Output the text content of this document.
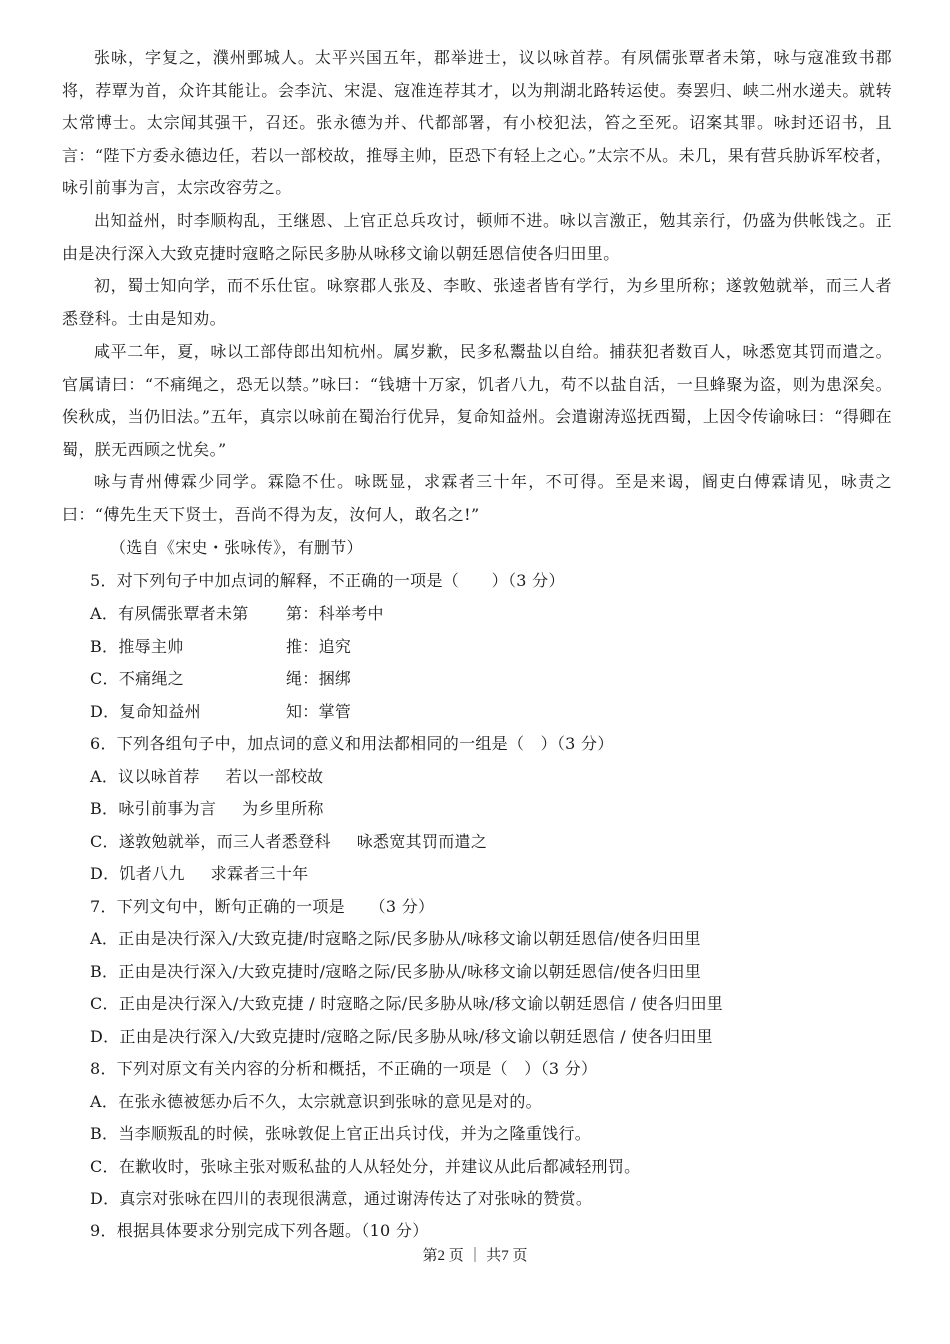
张咏，字复之，濮州鄄城人。太平兴国五年，郡举进士，议以咏首荐。有夙儒张覃者未第，咏与寇准致书郡将，荐覃为首，众许其能让。会李沆、宋湜、寇准连荐其才，以为荆湖北路转运使。奏罢归、峡二州水递夫。就转太常博士。太宗闻其强干，召还。张永德为并、代都部署，有小校犯法，笞之至死。诏案其罪。咏封还诏书，且言：“陛下方委永德边任，若以一部校故，推辱主帅，臣恐下有轻上之心。”太宗不从。未几，果有营兵胁诉军校者，咏引前事为言，太宗改容劳之。
出知益州，时李顺构乱，王继恩、上官正总兵攻讨，顿师不进。咏以言激正，勉其亲行，仍盛为供帐饯之。正由是决行深入大致克捷时寇略之际民多胁从咏移文谕以朝廷恩信使各归田里。
初，蜀士知向学，而不乐仕宦。咏察郡人张及、李畋、张逵者皆有学行，为乡里所称；遂敦勉就举，而三人者悉登科。士由是知劝。
咸平二年，夏，咏以工部侍郎出知杭州。属岁歉，民多私鬻盐以自给。捕获犯者数百人，咏悉宽其罚而遣之。官属请曰：“不痛绳之，恐无以禁。”咏曰：“钱塘十万家，饥者八九，苟不以盐自活，一旦蜂聚为盗，则为患深矣。俟秋成，当仍旧法。”五年，真宗以咏前在蜀治行优异，复命知益州。会遣谢涛巡抚西蜀，上因令传谕咏曰：“得卿在蜀，朕无西顾之忧矣。”
咏与青州傅霖少同学。霖隐不仕。咏既显，求霖者三十年，不可得。至是来谒，阍吏白傅霖请见，咏责之曰：“傅先生天下贤士，吾尚不得为友，汝何人，敢名之!”
（选自《宋史・张咏传》，有删节）
5．对下列句子中加点词的解释，不正确的一项是（　　）（3 分）
A．有夙儒张覃者未第 第：科举考中
B．推辱主帅	推：追究
C．不痛绳之	绳：捆绑
D．复命知益州	知：掌管
6．下列各组句子中，加点词的意义和用法都相同的一组是（　）（3 分）
A．议以咏首荐 若以一部校故
B．咏引前事为言 为乡里所称
C．遂敦勉就举，而三人者悉登科 咏悉宽其罚而遣之
D．饥者八九 求霖者三十年
7．下列文句中，断句正确的一项是　　（3 分）
A．正由是决行深入/大致克捷/时寇略之际/民多胁从/咏移文谕以朝廷恩信/使各归田里
B．正由是决行深入/大致克捷时/寇略之际/民多胁从/咏移文谕以朝廷恩信/使各归田里
C．正由是决行深入/大致克捷 / 时寇略之际/民多胁从咏/移文谕以朝廷恩信 / 使各归田里
D．正由是决行深入/大致克捷时/寇略之际/民多胁从咏/移文谕以朝廷恩信 / 使各归田里
8．下列对原文有关内容的分析和概括，不正确的一项是（　）（3 分）
A．在张永德被惩办后不久，太宗就意识到张咏的意见是对的。
B．当李顺叛乱的时候，张咏敦促上官正出兵讨伐，并为之隆重饯行。
C．在歉收时，张咏主张对贩私盐的人从轻处分，并建议从此后都减轻刑罚。
D．真宗对张咏在四川的表现很满意，通过谢涛传达了对张咏的赞赏。
9．根据具体要求分别完成下列各题。（10 分）
第2 页 ｜ 共7 页
